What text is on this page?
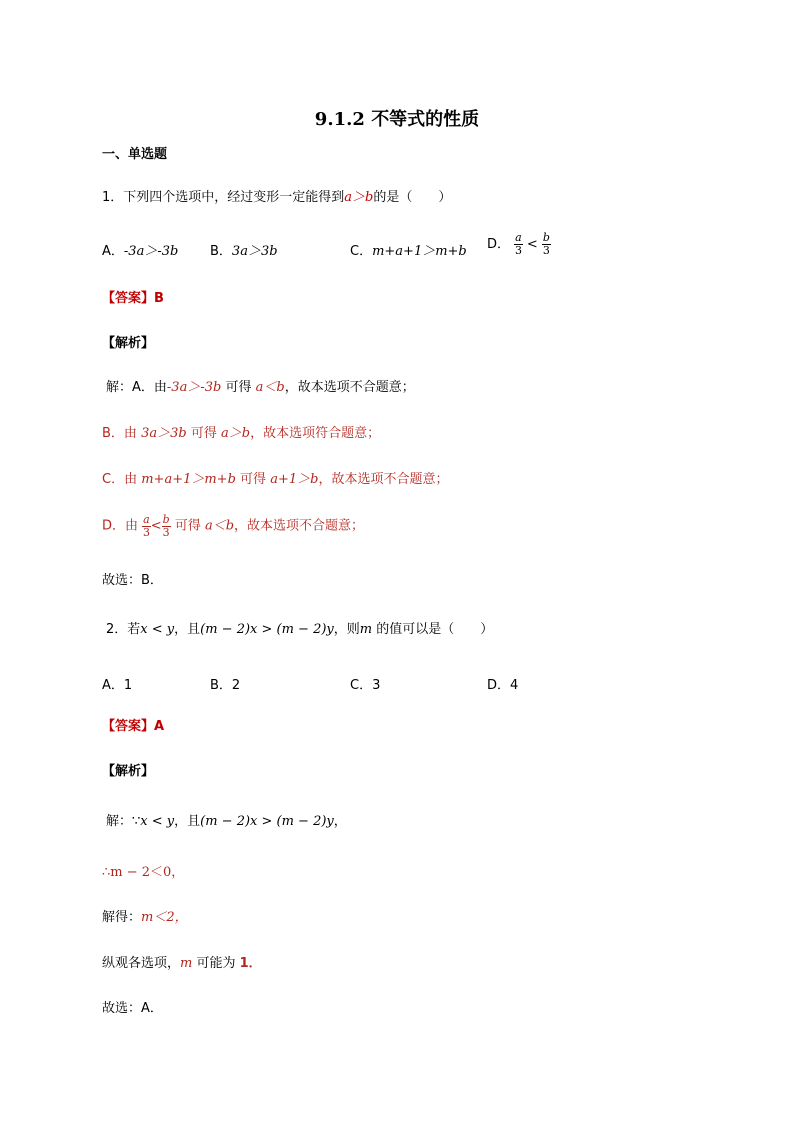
9.1.2 不等式的性质
一、单选题
1．下列四个选项中，经过变形一定能得到a＞b的是（　　）
A．-3a＞-3b B．3a＞3b	C．m+a+1＞m+b D． $\frac{a}{3} < \frac{b}{3}$
【答案】B
【解析】
解：A．由-3a＞-3b 可得 a＜b，故本选项不合题意；
B．由 3a＞3b 可得 a＞b，故本选项符合题意；
C．由 m+a+1＞m+b 可得 a+1＞b，故本选项不合题意；
D．由 $\frac{a}{3} < \frac{b}{3}$ 可得 a＜b，故本选项不合题意；
故选：B．
2．若x < y，且(m − 2)x > (m − 2)y，则m 的值可以是（　　）
A．1	B．2	C．3	D．4
【答案】A
【解析】
解：∵x < y，且(m − 2)x > (m − 2)y，
∴m − 2＜0，
解得：m＜2，
纵观各选项，m 可能为 1．
故选：A．
